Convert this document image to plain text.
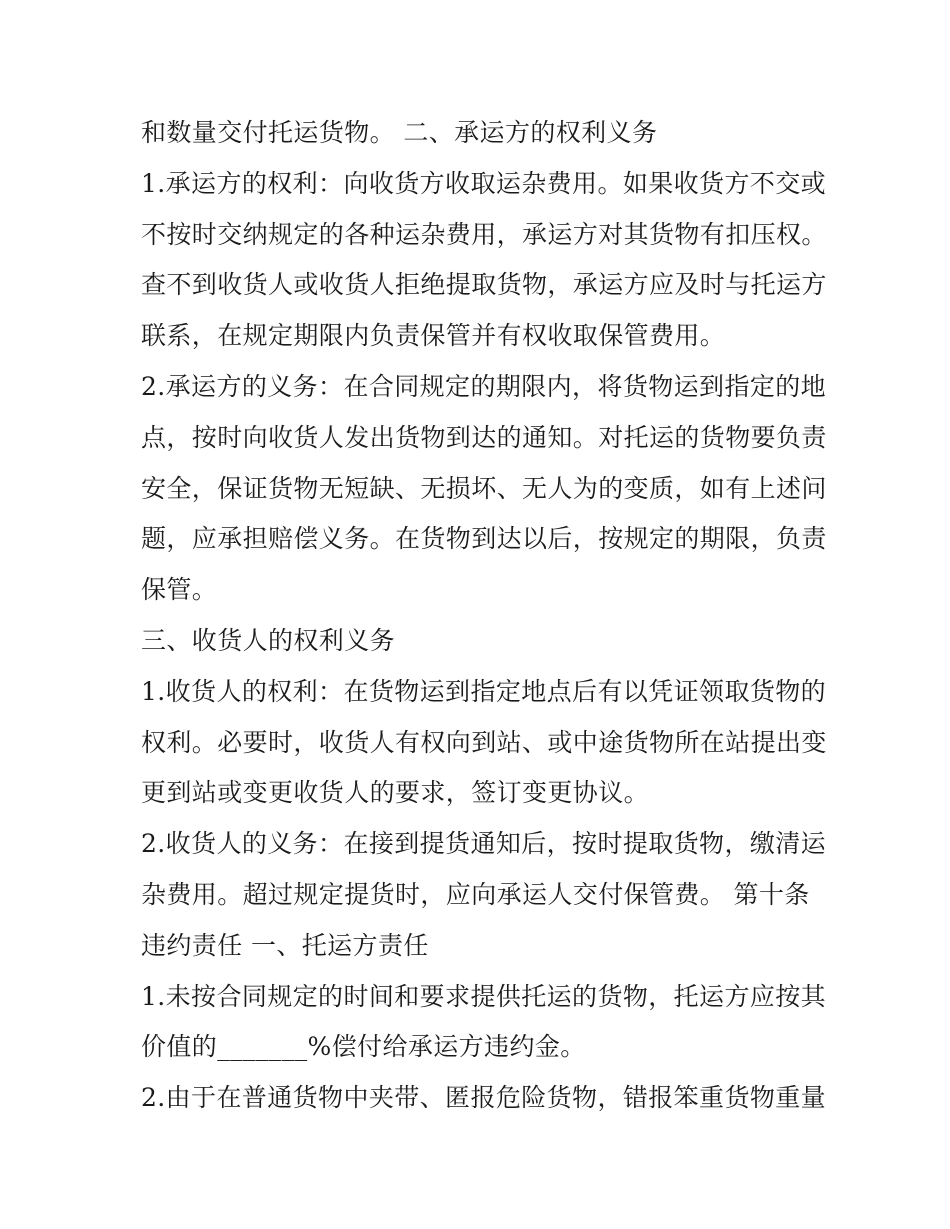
和数量交付托运货物。 二、承运方的权利义务
1.承运方的权利：向收货方收取运杂费用。如果收货方不交或
不按时交纳规定的各种运杂费用，承运方对其货物有扣压权。
查不到收货人或收货人拒绝提取货物，承运方应及时与托运方
联系，在规定期限内负责保管并有权收取保管费用。
2.承运方的义务：在合同规定的期限内，将货物运到指定的地
点，按时向收货人发出货物到达的通知。对托运的货物要负责
安全，保证货物无短缺、无损坏、无人为的变质，如有上述问
题，应承担赔偿义务。在货物到达以后，按规定的期限，负责
保管。
三、收货人的权利义务
1.收货人的权利：在货物运到指定地点后有以凭证领取货物的
权利。必要时，收货人有权向到站、或中途货物所在站提出变
更到站或变更收货人的要求，签订变更协议。
2.收货人的义务：在接到提货通知后，按时提取货物，缴清运
杂费用。超过规定提货时，应向承运人交付保管费。 第十条
违约责任 一、托运方责任
1.未按合同规定的时间和要求提供托运的货物，托运方应按其
价值的_______%偿付给承运方违约金。
2.由于在普通货物中夹带、匿报危险货物，错报笨重货物重量
